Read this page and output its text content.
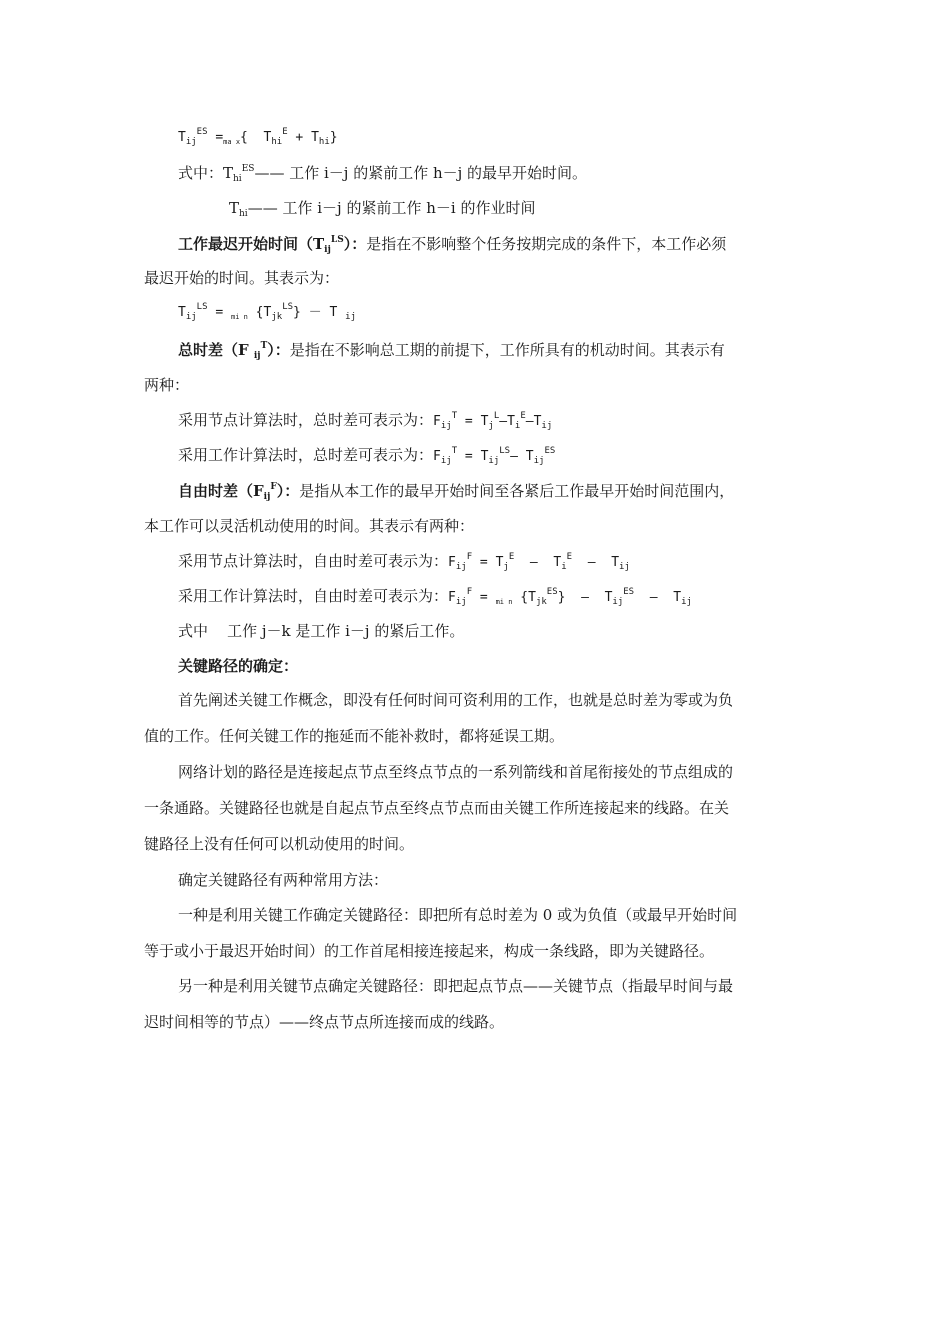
$T_{ij}^{ES} =_{ma x}${  $T_{hi}^E + T_{hi}$}
式中：$T_{hi}^{ES}——$ 工作 i－j 的紧前工作 h－j 的最早开始时间。
$T_{hi}——$ 工作 i－j 的紧前工作 h－i 的作业时间
工作最迟开始时间$(T_{ij}^{LS})$：是指在不影响整个任务按期完成的条件下，本工作必须
最迟开始的时间。其表示为：
$T_{ij}^{LS} = _{mi n}$ $\{T_{jk}^{LS}\} - T$ $_{ij}$
总时差（F $_{ij}^T$）：是指在不影响总工期的前提下，工作所具有的机动时间。其表示有
两种：
采用节点计算法时，总时差可表示为：$F_{ij}^T = T_j^L-T_i^E-T_{ij}$
采用工作计算法时，总时差可表示为：$F_{ij}^T = T_{ij}^{LS}-$ $T_{ij}^{ES}$
自由时差$(F_{ij}^F)$：是指从本工作的最早开始时间至各紧后工作最早开始时间范围内，
本工作可以灵活机动使用的时间。其表示有两种：
采用节点计算法时，自由时差可表示为：$F_{ij}^F = T_j^E - T_i^E - T_{ij}$
采用工作计算法时，自由时差可表示为：$F_{ij}^F = _{mi n}$ $\{T_{jk}^{ES}\} - T_{ij}^{ES} - T_{ij}$
式中    工作 j－k 是工作 i－j 的紧后工作。
关键路径的确定：
首先阐述关键工作概念，即没有任何时间可资利用的工作，也就是总时差为零或为负
值的工作。任何关键工作的拖延而不能补救时，都将延误工期。
网络计划的路径是连接起点节点至终点节点的一系列箭线和首尾衔接处的节点组成的
一条通路。关键路径也就是自起点节点至终点节点而由关键工作所连接起来的线路。在关
键路径上没有任何可以机动使用的时间。
确定关键路径有两种常用方法：
一种是利用关键工作确定关键路径：即把所有总时差为 0 或为负值（或最早开始时间
等于或小于最迟开始时间）的工作首尾相接连接起来，构成一条线路，即为关键路径。
另一种是利用关键节点确定关键路径：即把起点节点——关键节点（指最早时间与最
迟时间相等的节点）——终点节点所连接而成的线路。
